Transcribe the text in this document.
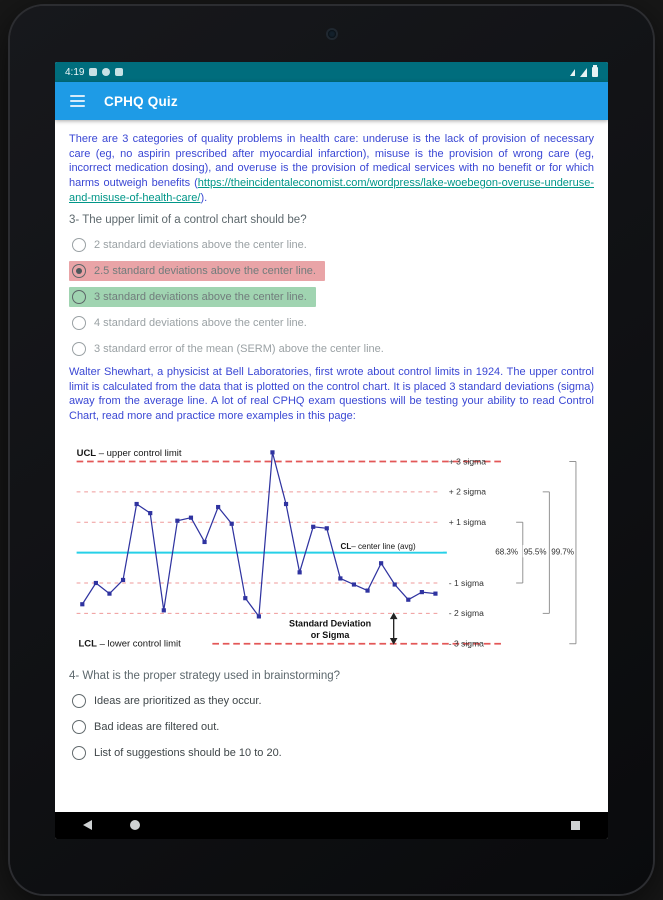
4:19
CPHQ Quiz

There are 3 categories of quality problems in health care: underuse is the lack of provision of necessary care (eg, no aspirin prescribed after myocardial infarction), misuse is the provision of wrong care (eg, incorrect medication dosing), and overuse is the provision of medical services with no benefit or for which harms outweigh benefits (https://theincidentaleconomist.com/wordpress/lake-woebegon-overuse-underuse-and-misuse-of-health-care/).

3- The upper limit of a control chart should be?

2 standard deviations above the center line.
2.5 standard deviations above the center line.
3 standard deviations above the center line.
4 standard deviations above the center line.
3 standard error of the mean (SERM) above the center line.

Walter Shewhart, a physicist at Bell Laboratories, first wrote about control limits in 1924. The upper control limit is calculated from the data that is plotted on the control chart. It is placed 3 standard deviations (sigma) away from the average line. A lot of real CPHQ exam questions will be testing your ability to read Control Chart, read more and practice more examples in this page:

+ 3 sigma
+ 2 sigma
+ 1 sigma
- 1 sigma
- 2 sigma
- 3 sigma
68.3% 95.5% 99.7%
CL– center line (avg)
UCL – upper control limit
LCL – lower control limit
Standard Deviation
or Sigma

4- What is the proper strategy used in brainstorming?

Ideas are prioritized as they occur.
Bad ideas are filtered out.
List of suggestions should be 10 to 20.
